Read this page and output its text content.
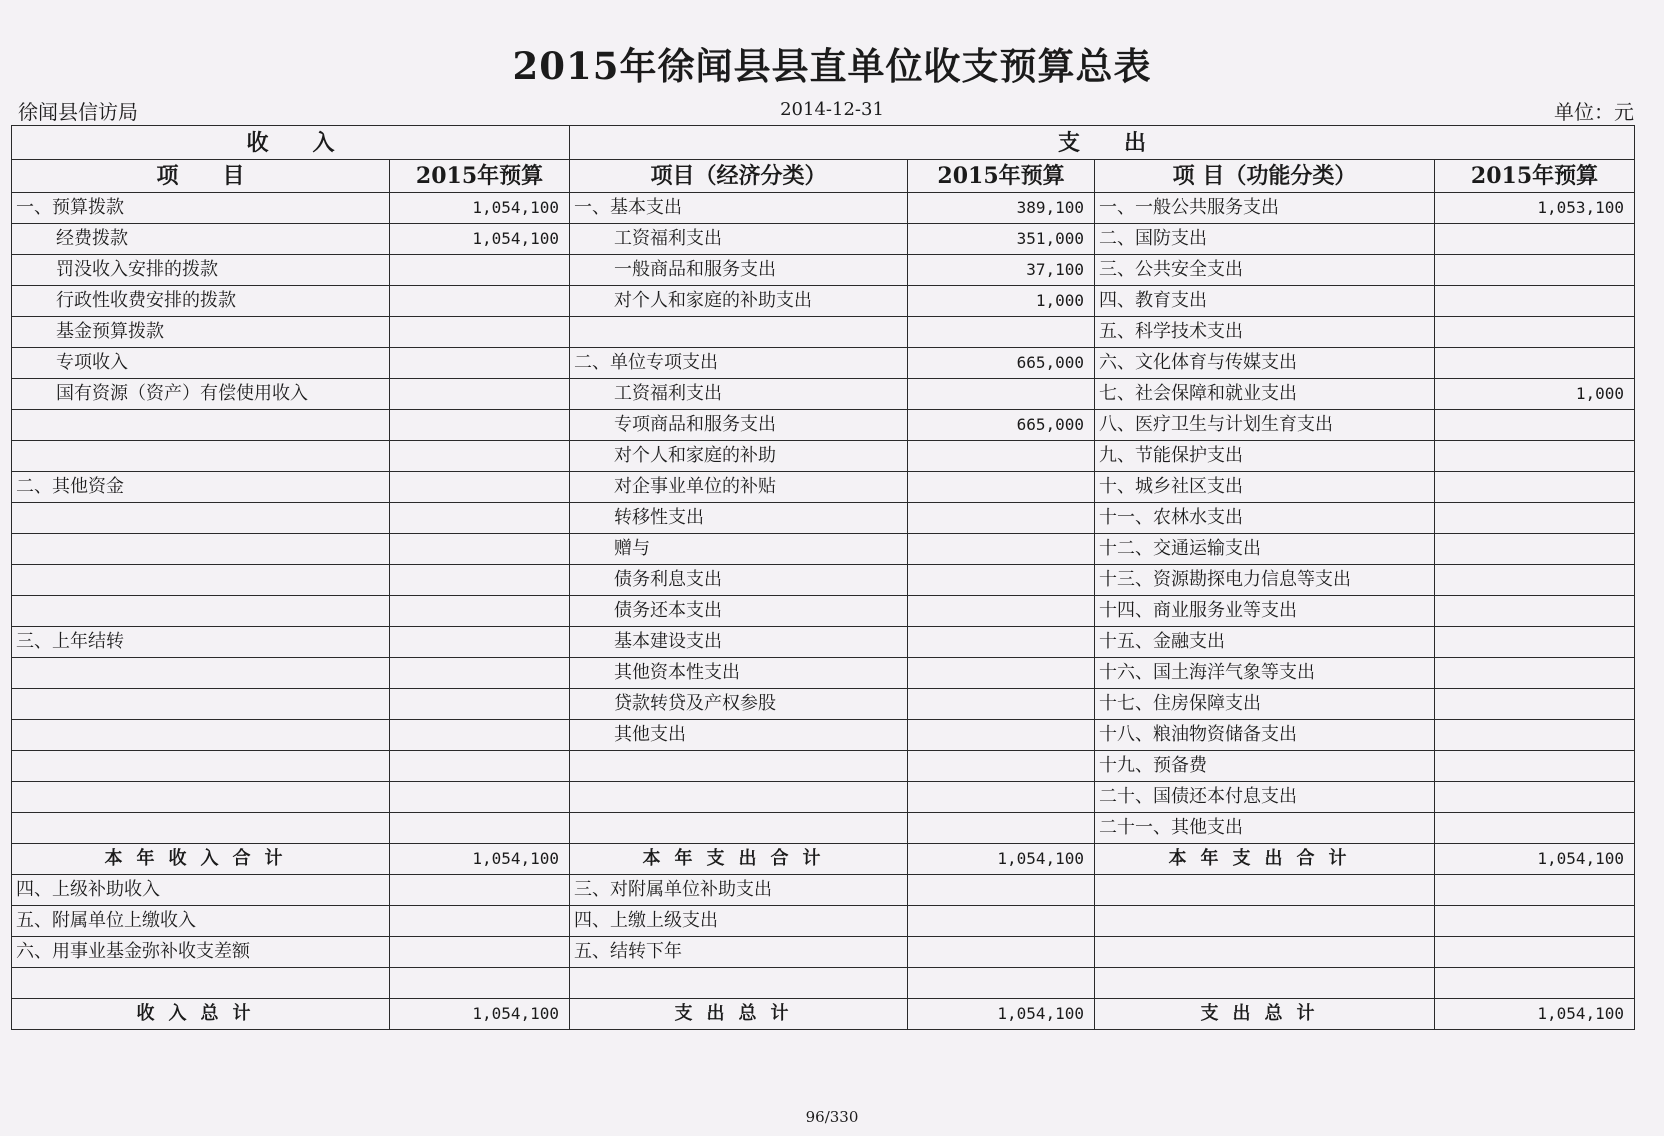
2015年徐闻县县直单位收支预算总表
徐闻县信访局	2014-12-31	单位：元
收　　入		支　　出			
项　　目	2015年预算	项目（经济分类）	2015年预算	项 目（功能分类）	2015年预算
一、预算拨款	1,054,100	一、基本支出	389,100	一、一般公共服务支出	1,053,100
经费拨款	1,054,100	工资福利支出	351,000	二、国防支出	
罚没收入安排的拨款		一般商品和服务支出	37,100	三、公共安全支出	
行政性收费安排的拨款		对个人和家庭的补助支出	1,000	四、教育支出	
基金预算拨款				五、科学技术支出	
专项收入		二、单位专项支出	665,000	六、文化体育与传媒支出	
国有资源（资产）有偿使用收入		工资福利支出		七、社会保障和就业支出	1,000
		专项商品和服务支出	665,000	八、医疗卫生与计划生育支出	
		对个人和家庭的补助		九、节能保护支出	
二、其他资金		对企事业单位的补贴		十、城乡社区支出	
		转移性支出		十一、农林水支出	
		赠与		十二、交通运输支出	
		债务利息支出		十三、资源勘探电力信息等支出	
		债务还本支出		十四、商业服务业等支出	
三、上年结转		基本建设支出		十五、金融支出	
		其他资本性支出		十六、国土海洋气象等支出	
		贷款转贷及产权参股		十七、住房保障支出	
		其他支出		十八、粮油物资储备支出	
				十九、预备费	
				二十、国债还本付息支出	
				二十一、其他支出	
本年收入合计	1,054,100	本年支出合计	1,054,100	本年支出合计	1,054,100
四、上级补助收入		三、对附属单位补助支出			
五、附属单位上缴收入		四、上缴上级支出			
六、用事业基金弥补收支差额		五、结转下年			

收入总计	1,054,100	支出总计	1,054,100	支出总计	1,054,100
96/330
